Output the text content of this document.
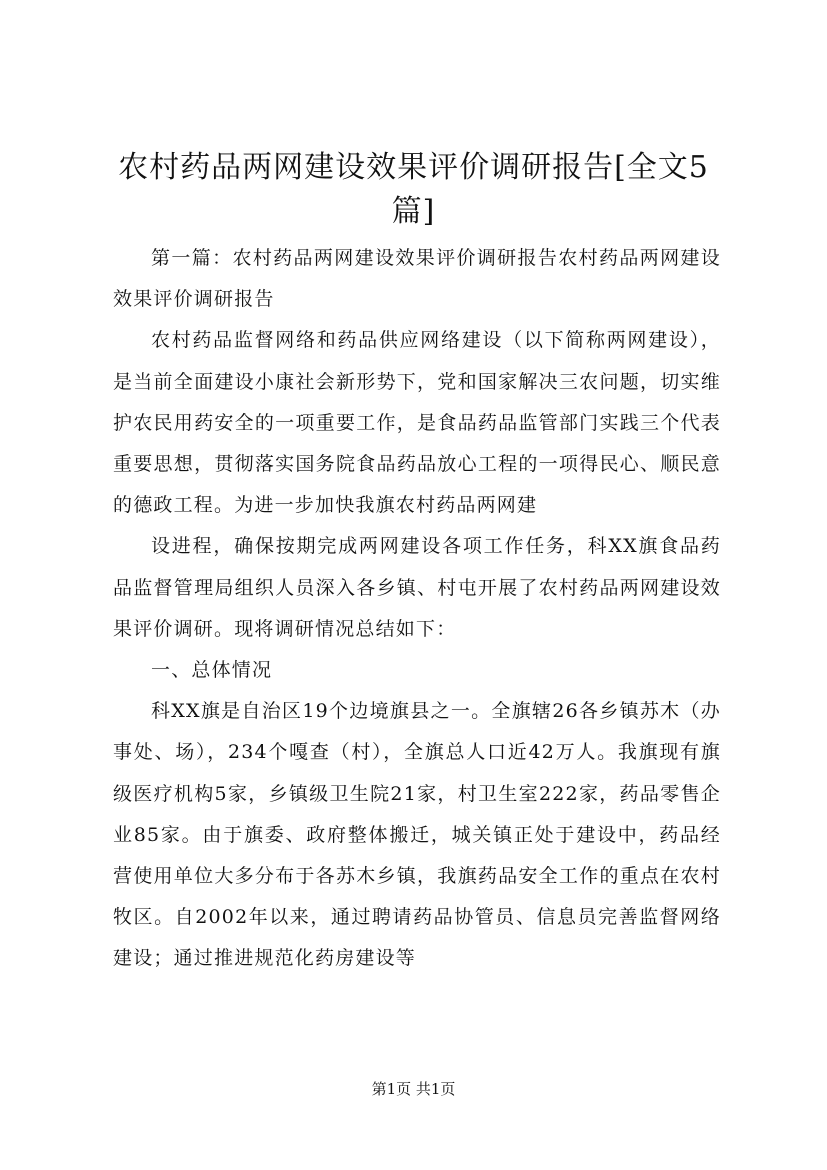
农村药品两网建设效果评价调研报告[全文5篇]

第一篇：农村药品两网建设效果评价调研报告农村药品两网建设效果评价调研报告

农村药品监督网络和药品供应网络建设（以下简称两网建设），是当前全面建设小康社会新形势下，党和国家解决三农问题，切实维护农民用药安全的一项重要工作，是食品药品监管部门实践三个代表重要思想，贯彻落实国务院食品药品放心工程的一项得民心、顺民意的德政工程。为进一步加快我旗农村药品两网建

设进程，确保按期完成两网建设各项工作任务，科XX旗食品药品监督管理局组织人员深入各乡镇、村屯开展了农村药品两网建设效果评价调研。现将调研情况总结如下：

一、总体情况

科XX旗是自治区19个边境旗县之一。全旗辖26各乡镇苏木（办事处、场），234个嘎查（村），全旗总人口近42万人。我旗现有旗级医疗机构5家，乡镇级卫生院21家，村卫生室222家，药品零售企业85家。由于旗委、政府整体搬迁，城关镇正处于建设中，药品经营使用单位大多分布于各苏木乡镇，我旗药品安全工作的重点在农村牧区。自2002年以来，通过聘请药品协管员、信息员完善监督网络建设；通过推进规范化药房建设等

第1页 共1页
